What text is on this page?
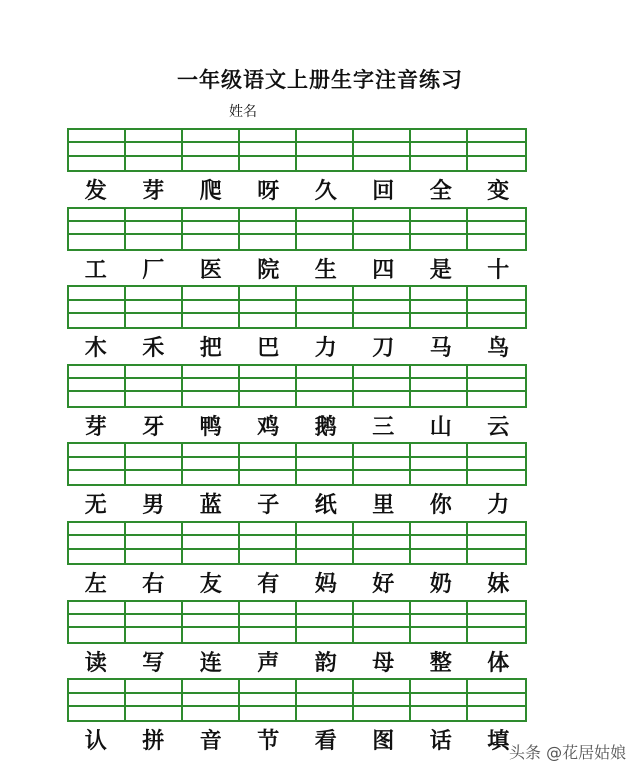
一年级语文上册生字注音练习
姓名
发	芽	爬	呀	久	回	全	变
工	厂	医	院	生	四	是	十
木	禾	把	巴	力	刀	马	鸟
芽	牙	鸭	鸡	鹅	三	山	云
无	男	蓝	子	纸	里	你	力
左	右	友	有	妈	好	奶	妹
读	写	连	声	韵	母	整	体
认	拼	音	节	看	图	话	填 头条 @花居姑娘
